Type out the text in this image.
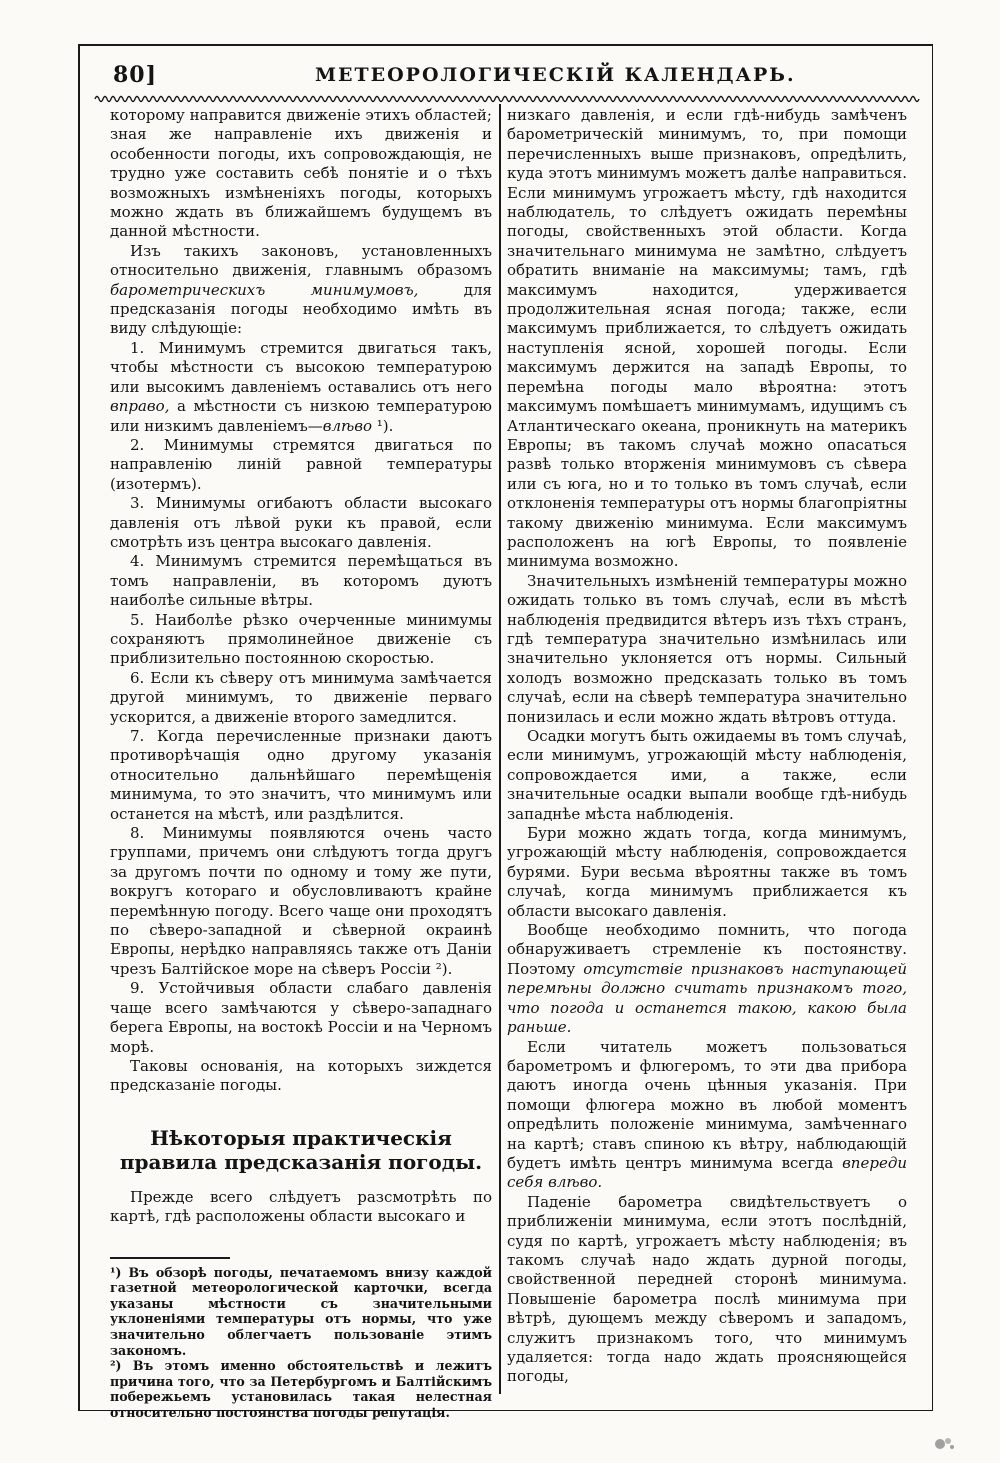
80]	МЕТЕОРОЛОГИЧЕСКІЙ КАЛЕНДАРЬ.

которому направится движеніе этихъ областей; зная же направленіе ихъ движенія и особенности погоды, ихъ сопровождающія, не трудно уже составить себѣ понятіе и о тѣхъ возможныхъ измѣненіяхъ погоды, которыхъ можно ждать въ ближайшемъ будущемъ въ данной мѣстности.

Изъ такихъ законовъ, установленныхъ относительно движенія, главнымъ образомъ барометрическихъ минимумовъ, для предсказанія погоды необходимо имѣть въ виду слѣдующіе:

1. Минимумъ стремится двигаться такъ, чтобы мѣстности съ высокою температурою или высокимъ давленіемъ оставались отъ него вправо, а мѣстности съ низкою температурою или низкимъ давленіемъ—влѣво ¹).

2. Минимумы стремятся двигаться по направленію линій равной температуры (изотермъ).

3. Минимумы огибаютъ области высокаго давленія отъ лѣвой руки къ правой, если смотрѣть изъ центра высокаго давленія.

4. Минимумъ стремится перемѣщаться въ томъ направленіи, въ которомъ дуютъ наиболѣе сильные вѣтры.

5. Наиболѣе рѣзко очерченные минимумы сохраняютъ прямолинейное движеніе съ приблизительно постоянною скоростью.

6. Если къ сѣверу отъ минимума замѣчается другой минимумъ, то движеніе перваго ускорится, а движеніе второго замедлится.

7. Когда перечисленные признаки даютъ противорѣчащія одно другому указанія относительно дальнѣйшаго перемѣщенія минимума, то это значитъ, что минимумъ или останется на мѣстѣ, или раздѣлится.

8. Минимумы появляются очень часто группами, причемъ они слѣдуютъ тогда другъ за другомъ почти по одному и тому же пути, вокругъ котораго и обусловливаютъ крайне перемѣнную погоду. Всего чаще они проходятъ по сѣверо-западной и сѣверной окраинѣ Европы, нерѣдко направляясь также отъ Даніи чрезъ Балтійское море на сѣверъ Россіи ²).

9. Устойчивыя области слабаго давленія чаще всего замѣчаются у сѣверо-западнаго берега Европы, на востокѣ Россіи и на Черномъ морѣ.

Таковы основанія, на которыхъ зиждется предсказаніе погоды.

Нѣкоторыя практическія правила предсказанія погоды.

Прежде всего слѣдуетъ разсмотрѣть по картѣ, гдѣ расположены области высокаго и

¹) Въ обзорѣ погоды, печатаемомъ внизу каждой газетной метеорологической карточки, всегда указаны мѣстности съ значительными уклоненіями температуры отъ нормы, что уже значительно облегчаетъ пользованіе этимъ закономъ.

²) Въ этомъ именно обстоятельствѣ и лежитъ причина того, что за Петербургомъ и Балтійскимъ побережьемъ установилась такая нелестная относительно постоянства погоды репутація.

низкаго давленія, и если гдѣ-нибудь замѣченъ барометрическій минимумъ, то, при помощи перечисленныхъ выше признаковъ, опредѣлить, куда этотъ минимумъ можетъ далѣе направиться. Если минимумъ угрожаетъ мѣсту, гдѣ находится наблюдатель, то слѣдуетъ ожидать перемѣны погоды, свойственныхъ этой области. Когда значительнаго минимума не замѣтно, слѣдуетъ обратить вниманіе на максимумы; тамъ, гдѣ максимумъ находится, удерживается продолжительная ясная погода; также, если максимумъ приближается, то слѣдуетъ ожидать наступленія ясной, хорошей погоды. Если максимумъ держится на западѣ Европы, то перемѣна погоды мало вѣроятна: этотъ максимумъ помѣшаетъ минимумамъ, идущимъ съ Атлантическаго океана, проникнуть на материкъ Европы; въ такомъ случаѣ можно опасаться развѣ только вторженія минимумовъ съ сѣвера или съ юга, но и то только въ томъ случаѣ, если отклоненія температуры отъ нормы благопріятны такому движенію минимума. Если максимумъ расположенъ на югѣ Европы, то появленіе минимума возможно.

Значительныхъ измѣненій температуры можно ожидать только въ томъ случаѣ, если въ мѣстѣ наблюденія предвидится вѣтеръ изъ тѣхъ странъ, гдѣ температура значительно измѣнилась или значительно уклоняется отъ нормы. Сильный холодъ возможно предсказать только въ томъ случаѣ, если на сѣверѣ температура значительно понизилась и если можно ждать вѣтровъ оттуда.

Осадки могутъ быть ожидаемы въ томъ случаѣ, если минимумъ, угрожающій мѣсту наблюденія, сопровождается ими, а также, если значительные осадки выпали вообще гдѣ-нибудь западнѣе мѣста наблюденія.

Бури можно ждать тогда, когда минимумъ, угрожающій мѣсту наблюденія, сопровождается бурями. Бури весьма вѣроятны также въ томъ случаѣ, когда минимумъ приближается къ области высокаго давленія.

Вообще необходимо помнить, что погода обнаруживаетъ стремленіе къ постоянству. Поэтому отсутствіе признаковъ наступающей перемѣны должно считать признакомъ того, что погода и останется такою, какою была раньше.

Если читатель можетъ пользоваться барометромъ и флюгеромъ, то эти два прибора даютъ иногда очень цѣнныя указанія. При помощи флюгера можно въ любой моментъ опредѣлить положеніе минимума, замѣченнаго на картѣ; ставъ спиною къ вѣтру, наблюдающій будетъ имѣть центръ минимума всегда впереди себя влѣво.

Паденіе барометра свидѣтельствуетъ о приближеніи минимума, если этотъ послѣдній, судя по картѣ, угрожаетъ мѣсту наблюденія; въ такомъ случаѣ надо ждать дурной погоды, свойственной передней сторонѣ минимума. Повышеніе барометра послѣ минимума при вѣтрѣ, дующемъ между сѣверомъ и западомъ, служитъ признакомъ того, что минимумъ удаляется: тогда надо ждать проясняющейся погоды,
